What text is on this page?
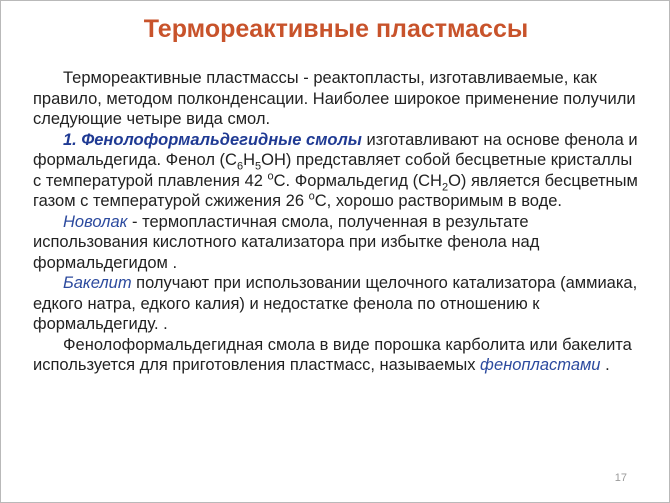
Термореактивные пластмассы

Термореактивные пластмассы - реактопласты, изготавливаемые, как правило, методом полконденсации. Наиболее широкое применение получили следующие четыре вида смол.

1. Фенолоформальдегидные смолы изготавливают на основе фенола и формальдегида. Фенол $(С_6Н_5ОН)$ представляет собой бесцветные кристаллы с температурой плавления 42 $^о$С. Формальдегид $(СН_2О)$ является бесцветным газом с температурой сжижения 26 $^о$С, хорошо растворимым в воде.

Новолак - термопластичная смола, полученная в результате использования кислотного катализатора при избытке фенола над формальдегидом .

Бакелит получают при использовании щелочного катализатора (аммиака, едкого натра, едкого калия) и недостатке фенола по отношению к формальдегиду. .

Фенолоформальдегидная смола в виде порошка карболита или бакелита используется для приготовления пластмасс, называемых фенопластами .

17
